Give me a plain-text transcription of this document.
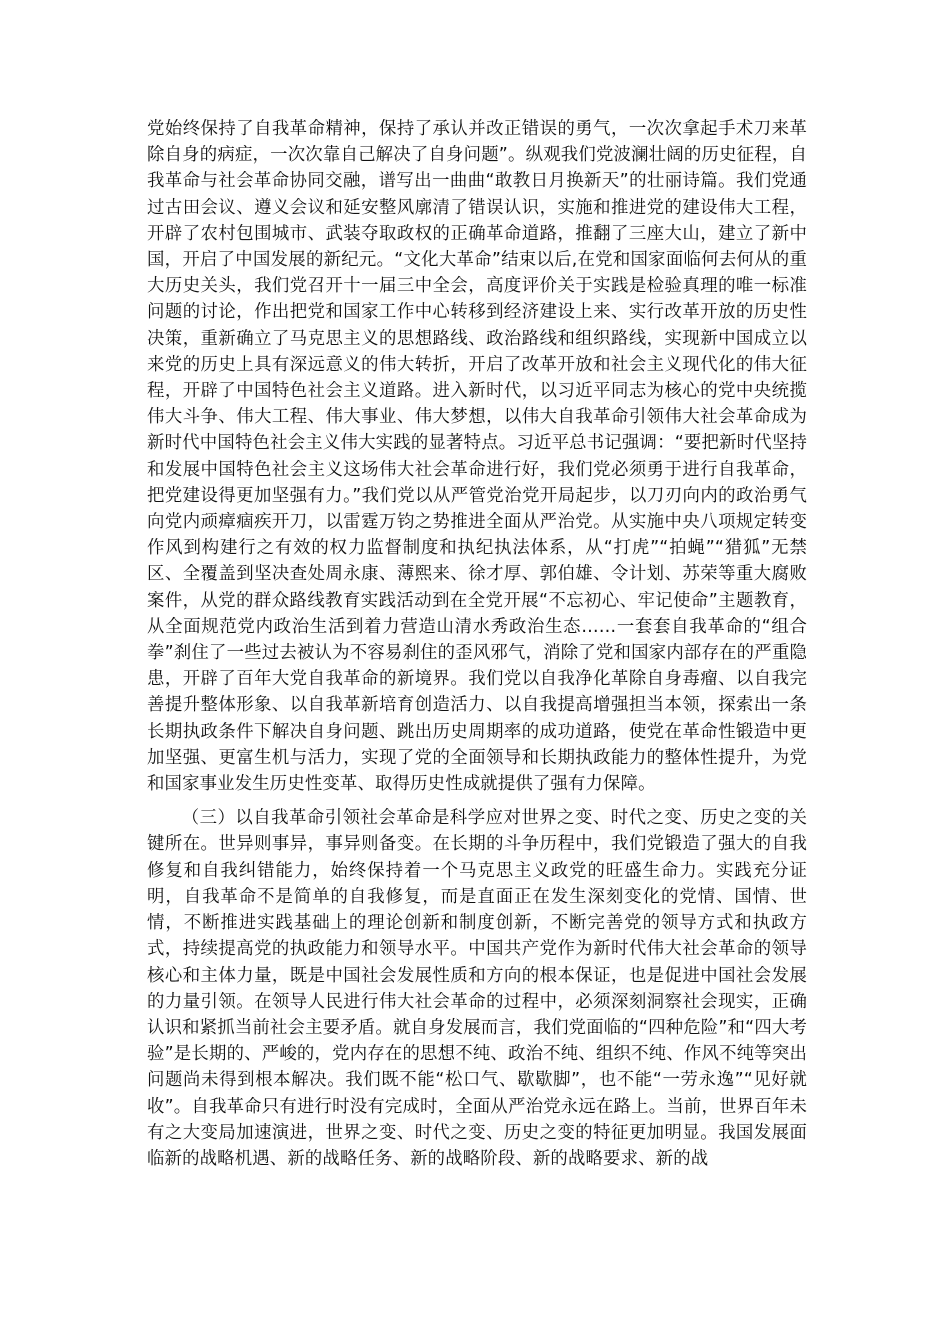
党始终保持了自我革命精神，保持了承认并改正错误的勇气，一次次拿起手术刀来革除自身的病症，一次次靠自己解决了自身问题”。纵观我们党波澜壮阔的历史征程，自我革命与社会革命协同交融，谱写出一曲曲“敢教日月换新天”的壮丽诗篇。我们党通过古田会议、遵义会议和延安整风廓清了错误认识，实施和推进党的建设伟大工程，开辟了农村包围城市、武装夺取政权的正确革命道路，推翻了三座大山，建立了新中国，开启了中国发展的新纪元。“文化大革命”结束以后,在党和国家面临何去何从的重大历史关头，我们党召开十一届三中全会，高度评价关于实践是检验真理的唯一标准问题的讨论，作出把党和国家工作中心转移到经济建设上来、实行改革开放的历史性决策，重新确立了马克思主义的思想路线、政治路线和组织路线，实现新中国成立以来党的历史上具有深远意义的伟大转折，开启了改革开放和社会主义现代化的伟大征程，开辟了中国特色社会主义道路。进入新时代，以习近平同志为核心的党中央统揽伟大斗争、伟大工程、伟大事业、伟大梦想，以伟大自我革命引领伟大社会革命成为新时代中国特色社会主义伟大实践的显著特点。习近平总书记强调：“要把新时代坚持和发展中国特色社会主义这场伟大社会革命进行好，我们党必须勇于进行自我革命，把党建设得更加坚强有力。”我们党以从严管党治党开局起步，以刀刃向内的政治勇气向党内顽瘴痼疾开刀，以雷霆万钧之势推进全面从严治党。从实施中央八项规定转变作风到构建行之有效的权力监督制度和执纪执法体系，从“打虎”“拍蝇”“猎狐”无禁区、全覆盖到坚决查处周永康、薄熙来、徐才厚、郭伯雄、令计划、苏荣等重大腐败案件，从党的群众路线教育实践活动到在全党开展“不忘初心、牢记使命”主题教育，从全面规范党内政治生活到着力营造山清水秀政治生态……一套套自我革命的“组合拳”刹住了一些过去被认为不容易刹住的歪风邪气，消除了党和国家内部存在的严重隐患，开辟了百年大党自我革命的新境界。我们党以自我净化革除自身毒瘤、以自我完善提升整体形象、以自我革新培育创造活力、以自我提高增强担当本领，探索出一条长期执政条件下解决自身问题、跳出历史周期率的成功道路，使党在革命性锻造中更加坚强、更富生机与活力，实现了党的全面领导和长期执政能力的整体性提升，为党和国家事业发生历史性变革、取得历史性成就提供了强有力保障。

（三）以自我革命引领社会革命是科学应对世界之变、时代之变、历史之变的关键所在。世异则事异，事异则备变。在长期的斗争历程中，我们党锻造了强大的自我修复和自我纠错能力，始终保持着一个马克思主义政党的旺盛生命力。实践充分证明，自我革命不是简单的自我修复，而是直面正在发生深刻变化的党情、国情、世情，不断推进实践基础上的理论创新和制度创新，不断完善党的领导方式和执政方式，持续提高党的执政能力和领导水平。中国共产党作为新时代伟大社会革命的领导核心和主体力量，既是中国社会发展性质和方向的根本保证，也是促进中国社会发展的力量引领。在领导人民进行伟大社会革命的过程中，必须深刻洞察社会现实，正确认识和紧抓当前社会主要矛盾。就自身发展而言，我们党面临的“四种危险”和“四大考验”是长期的、严峻的，党内存在的思想不纯、政治不纯、组织不纯、作风不纯等突出问题尚未得到根本解决。我们既不能“松口气、歇歇脚”，也不能“一劳永逸”“见好就收”。自我革命只有进行时没有完成时，全面从严治党永远在路上。当前，世界百年未有之大变局加速演进，世界之变、时代之变、历史之变的特征更加明显。我国发展面临新的战略机遇、新的战略任务、新的战略阶段、新的战略要求、新的战
